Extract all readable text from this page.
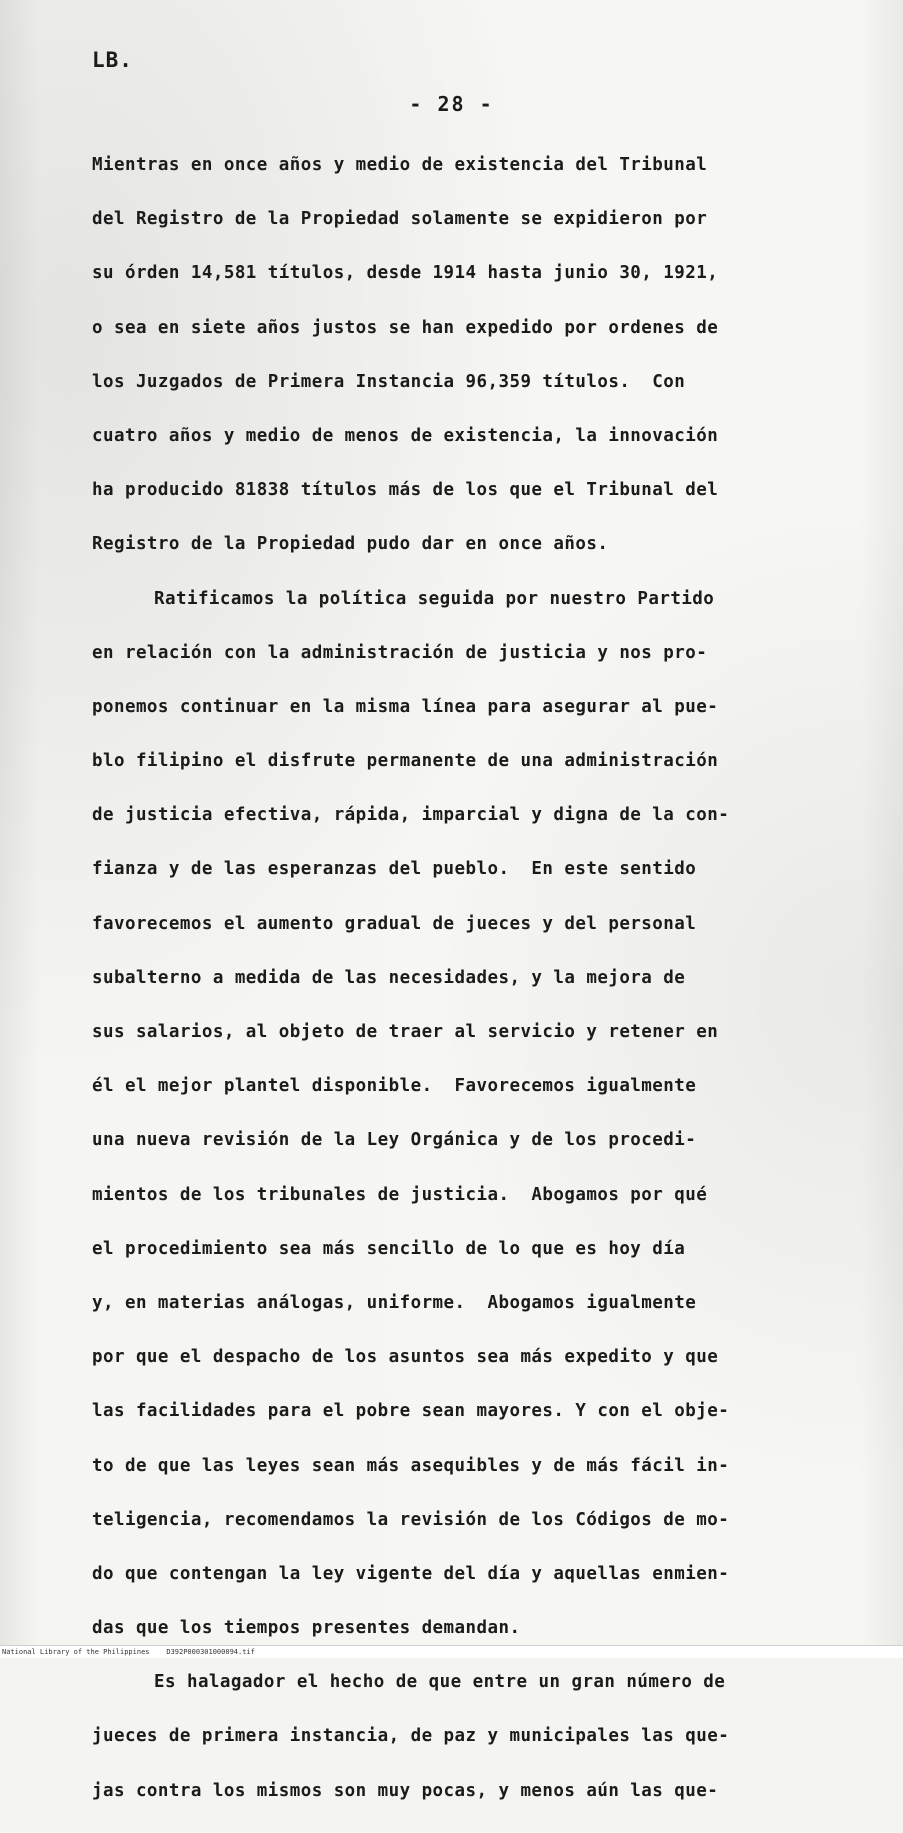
LB.
- 28 -
Mientras en once años y medio de existencia del Tribunal
del Registro de la Propiedad solamente se expidieron por
su órden 14,581 títulos, desde 1914 hasta junio 30, 1921,
o sea en siete años justos se han expedido por ordenes de
los Juzgados de Primera Instancia 96,359 títulos.  Con
cuatro años y medio de menos de existencia, la innovación
ha producido 81838 títulos más de los que el Tribunal del
Registro de la Propiedad pudo dar en once años.
Ratificamos la política seguida por nuestro Partido
en relación con la administración de justicia y nos pro-
ponemos continuar en la misma línea para asegurar al pue-
blo filipino el disfrute permanente de una administración
de justicia efectiva, rápida, imparcial y digna de la con-
fianza y de las esperanzas del pueblo.  En este sentido
favorecemos el aumento gradual de jueces y del personal
subalterno a medida de las necesidades, y la mejora de
sus salarios, al objeto de traer al servicio y retener en
él el mejor plantel disponible.  Favorecemos igualmente
una nueva revisión de la Ley Orgánica y de los procedi-
mientos de los tribunales de justicia.  Abogamos por qué
el procedimiento sea más sencillo de lo que es hoy día
y, en materias análogas, uniforme.  Abogamos igualmente
por que el despacho de los asuntos sea más expedito y que
las facilidades para el pobre sean mayores. Y con el obje-
to de que las leyes sean más asequibles y de más fácil in-
teligencia, recomendamos la revisión de los Códigos de mo-
do que contengan la ley vigente del día y aquellas enmien-
das que los tiempos presentes demandan.
Es halagador el hecho de que entre un gran número de
jueces de primera instancia, de paz y municipales las que-
jas contra los mismos son muy pocas, y menos aún las que-
National Library of the Philippines    D392P000301000094.tif
